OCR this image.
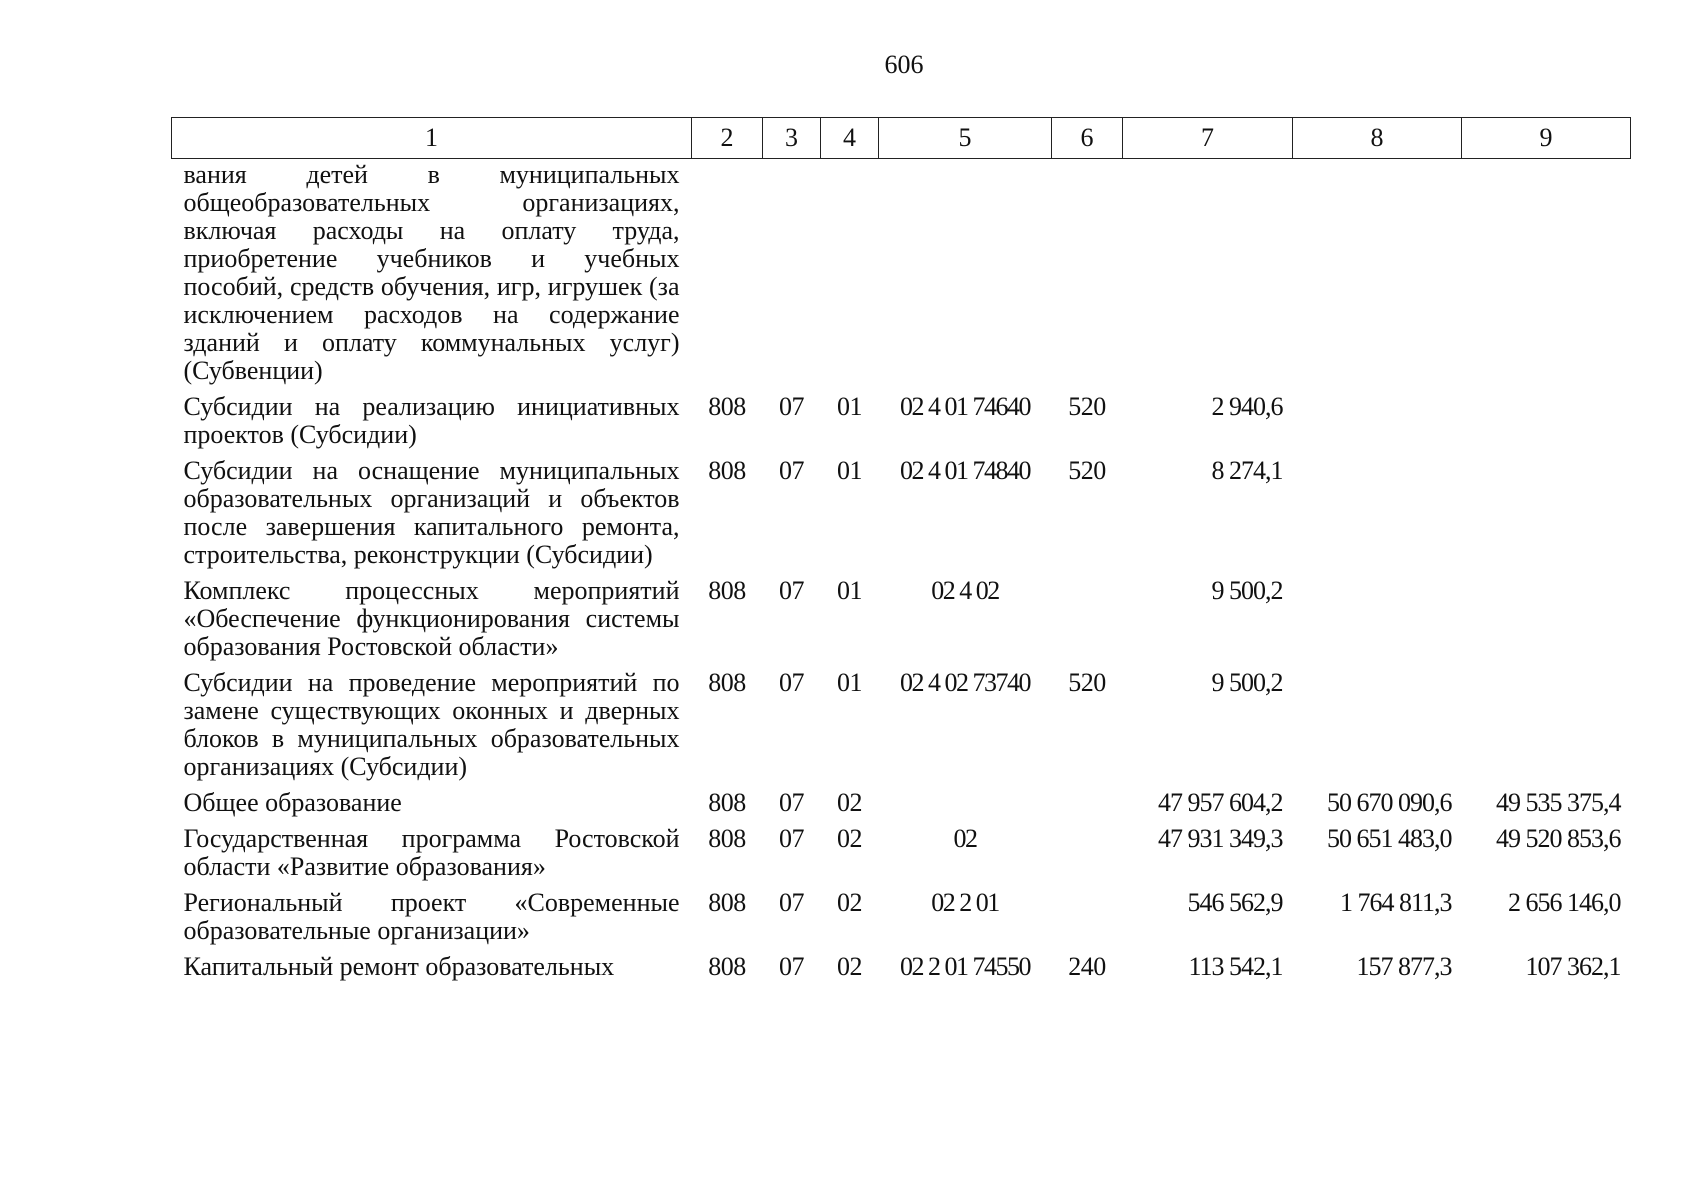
606
1	2	3	4	5	6	7	8	9
вания детей в муниципальных общеобразовательных организациях, включая расходы на оплату труда, приобретение учебников и учебных пособий, средств обучения, игр, игрушек (за исключением расходов на содержание зданий и оплату коммунальных услуг) (Субвенции)								
Субсидии на реализацию инициативных проектов (Субсидии)	808	07	01	02 4 01 74640	520	2 940,6		
Субсидии на оснащение муниципальных образовательных организаций и объектов после завершения капитального ремонта, строительства, реконструкции (Субсидии)	808	07	01	02 4 01 74840	520	8 274,1		
Комплекс процессных мероприятий «Обеспечение функционирования системы образования Ростовской области»	808	07	01	02 4 02		9 500,2		
Субсидии на проведение мероприятий по замене существующих оконных и дверных блоков в муниципальных образовательных организациях (Субсидии)	808	07	01	02 4 02 73740	520	9 500,2		
Общее образование	808	07	02			47 957 604,2	50 670 090,6	49 535 375,4
Государственная программа Ростовской области «Развитие образования»	808	07	02	02		47 931 349,3	50 651 483,0	49 520 853,6
Региональный проект «Современные образовательные организации»	808	07	02	02 2 01		546 562,9	1 764 811,3	2 656 146,0
Капитальный ремонт образовательных	808	07	02	02 2 01 74550	240	113 542,1	157 877,3	107 362,1
